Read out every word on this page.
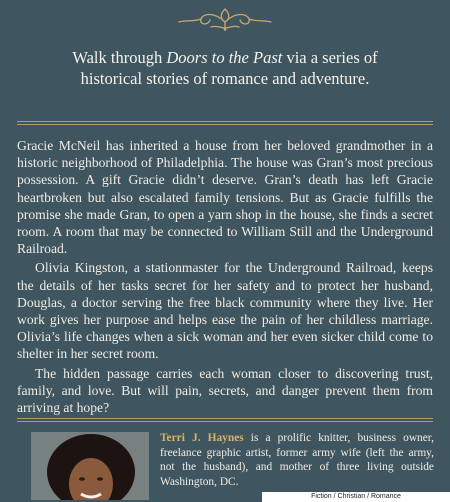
Walk through Doors to the Past via a series of historical stories of romance and adventure.

Gracie McNeil has inherited a house from her beloved grandmother in a historic neighborhood of Philadelphia. The house was Gran’s most precious possession. A gift Gracie didn’t deserve. Gran’s death has left Gracie heartbroken but also escalated family tensions. But as Gracie fulfills the promise she made Gran, to open a yarn shop in the house, she finds a secret room. A room that may be connected to William Still and the Underground Railroad.

Olivia Kingston, a stationmaster for the Underground Railroad, keeps the details of her tasks secret for her safety and to protect her husband, Douglas, a doctor serving the free black community where they live. Her work gives her purpose and helps ease the pain of her childless marriage. Olivia’s life changes when a sick woman and her even sicker child come to shelter in her secret room.

The hidden passage carries each woman closer to discovering trust, family, and love. But will pain, secrets, and danger prevent them from arriving at hope?

Terri J. Haynes is a prolific knitter, business owner, freelance graphic artist, former army wife (left the army, not the husband), and mother of three living outside Washington, DC.
Fiction / Christian / Romance
